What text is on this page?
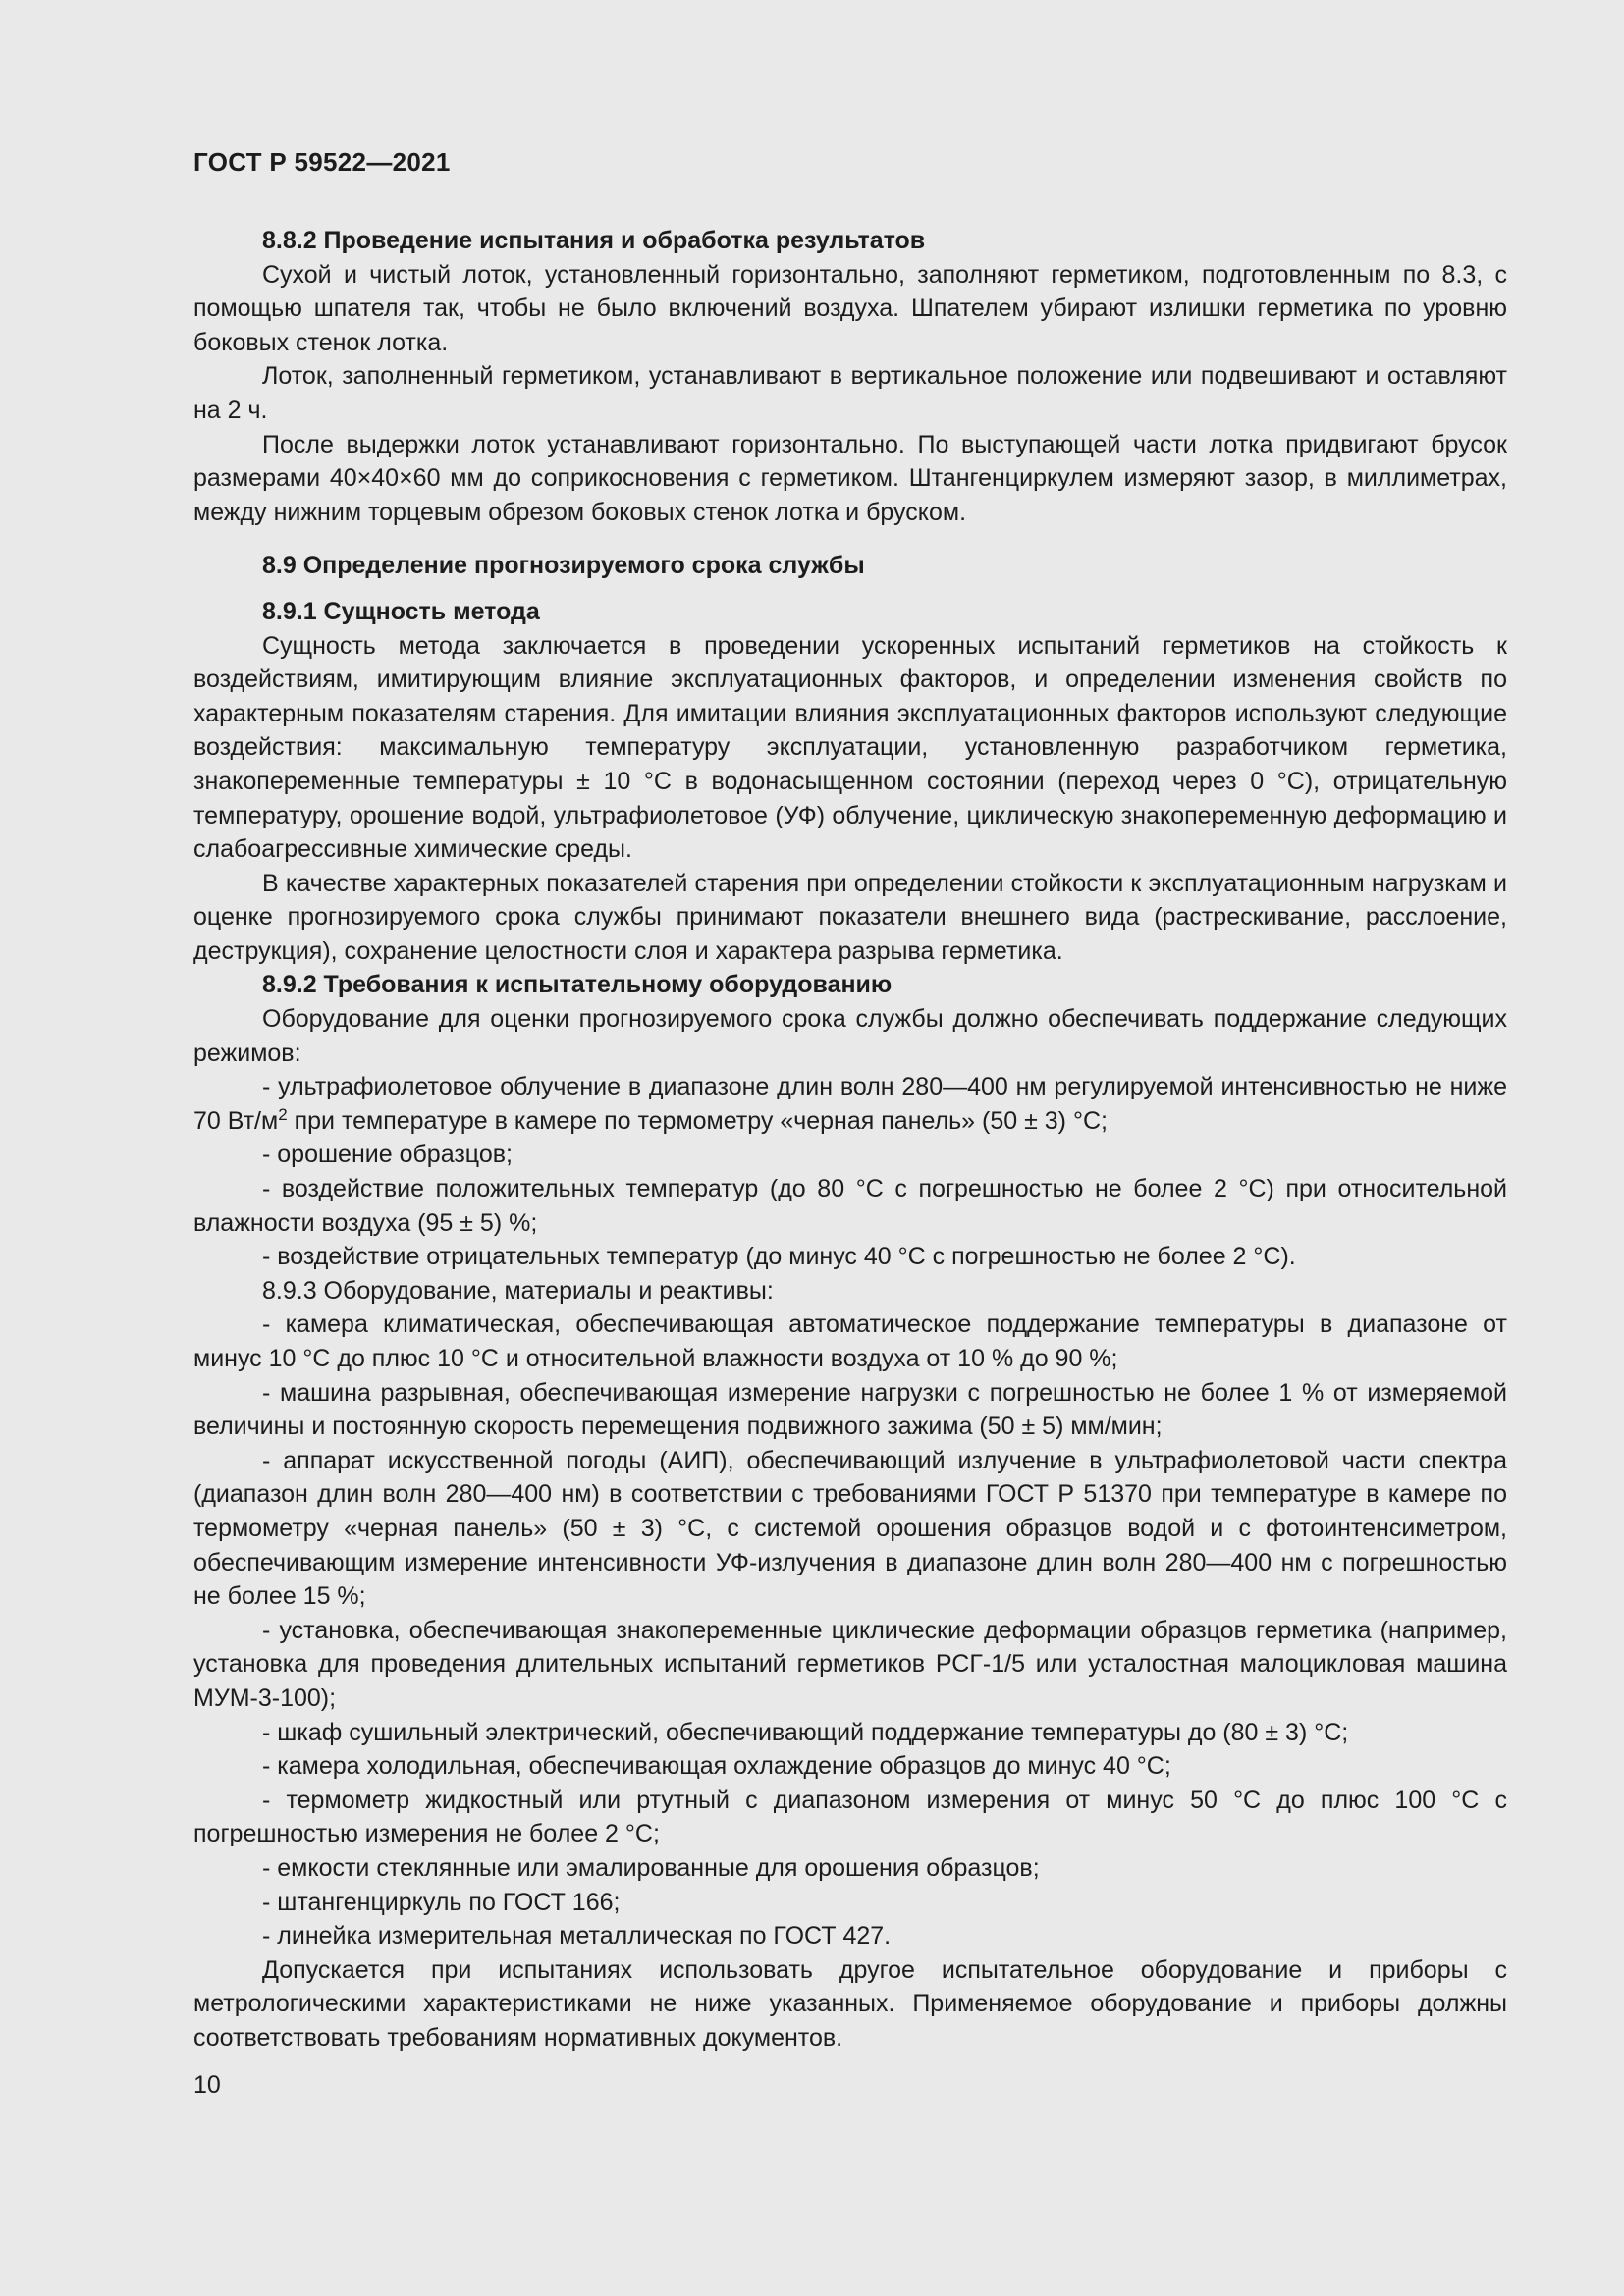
ГОСТ Р 59522—2021

8.8.2 Проведение испытания и обработка результатов

Сухой и чистый лоток, установленный горизонтально, заполняют герметиком, подготовленным по 8.3, с помощью шпателя так, чтобы не было включений воздуха. Шпателем убирают излишки герметика по уровню боковых стенок лотка.

Лоток, заполненный герметиком, устанавливают в вертикальное положение или подвешивают и оставляют на 2 ч.

После выдержки лоток устанавливают горизонтально. По выступающей части лотка придвигают брусок размерами 40×40×60 мм до соприкосновения с герметиком. Штангенциркулем измеряют зазор, в миллиметрах, между нижним торцевым обрезом боковых стенок лотка и бруском.

8.9 Определение прогнозируемого срока службы

8.9.1 Сущность метода

Сущность метода заключается в проведении ускоренных испытаний герметиков на стойкость к воздействиям, имитирующим влияние эксплуатационных факторов, и определении изменения свойств по характерным показателям старения. Для имитации влияния эксплуатационных факторов используют следующие воздействия: максимальную температуру эксплуатации, установленную разработчиком герметика, знакопеременные температуры ± 10 °С в водонасыщенном состоянии (переход через 0 °С), отрицательную температуру, орошение водой, ультрафиолетовое (УФ) облучение, циклическую знакопеременную деформацию и слабоагрессивные химические среды.

В качестве характерных показателей старения при определении стойкости к эксплуатационным нагрузкам и оценке прогнозируемого срока службы принимают показатели внешнего вида (растрескивание, расслоение, деструкция), сохранение целостности слоя и характера разрыва герметика.

8.9.2 Требования к испытательному оборудованию

Оборудование для оценки прогнозируемого срока службы должно обеспечивать поддержание следующих режимов:

- ультрафиолетовое облучение в диапазоне длин волн 280—400 нм регулируемой интенсивностью не ниже 70 $Вт/м^2$ при температуре в камере по термометру «черная панель» (50 ± 3) °С;

- орошение образцов;

- воздействие положительных температур (до 80 °С с погрешностью не более 2 °С) при относительной влажности воздуха (95 ± 5) %;

- воздействие отрицательных температур (до минус 40 °С с погрешностью не более 2 °С).

8.9.3 Оборудование, материалы и реактивы:

- камера климатическая, обеспечивающая автоматическое поддержание температуры в диапазоне от минус 10 °С до плюс 10 °С и относительной влажности воздуха от 10 % до 90 %;

- машина разрывная, обеспечивающая измерение нагрузки с погрешностью не более 1 % от измеряемой величины и постоянную скорость перемещения подвижного зажима (50 ± 5) мм/мин;

- аппарат искусственной погоды (АИП), обеспечивающий излучение в ультрафиолетовой части спектра (диапазон длин волн 280—400 нм) в соответствии с требованиями ГОСТ Р 51370 при температуре в камере по термометру «черная панель» (50 ± 3) °С, с системой орошения образцов водой и с фотоинтенсиметром, обеспечивающим измерение интенсивности УФ-излучения в диапазоне длин волн 280—400 нм с погрешностью не более 15 %;

- установка, обеспечивающая знакопеременные циклические деформации образцов герметика (например, установка для проведения длительных испытаний герметиков РСГ-1/5 или усталостная малоцикловая машина МУМ-3-100);

- шкаф сушильный электрический, обеспечивающий поддержание температуры до (80 ± 3) °С;

- камера холодильная, обеспечивающая охлаждение образцов до минус 40 °С;

- термометр жидкостный или ртутный с диапазоном измерения от минус 50 °С до плюс 100 °С с погрешностью измерения не более 2 °С;

- емкости стеклянные или эмалированные для орошения образцов;

- штангенциркуль по ГОСТ 166;

- линейка измерительная металлическая по ГОСТ 427.

Допускается при испытаниях использовать другое испытательное оборудование и приборы с метрологическими характеристиками не ниже указанных. Применяемое оборудование и приборы должны соответствовать требованиям нормативных документов.

10
